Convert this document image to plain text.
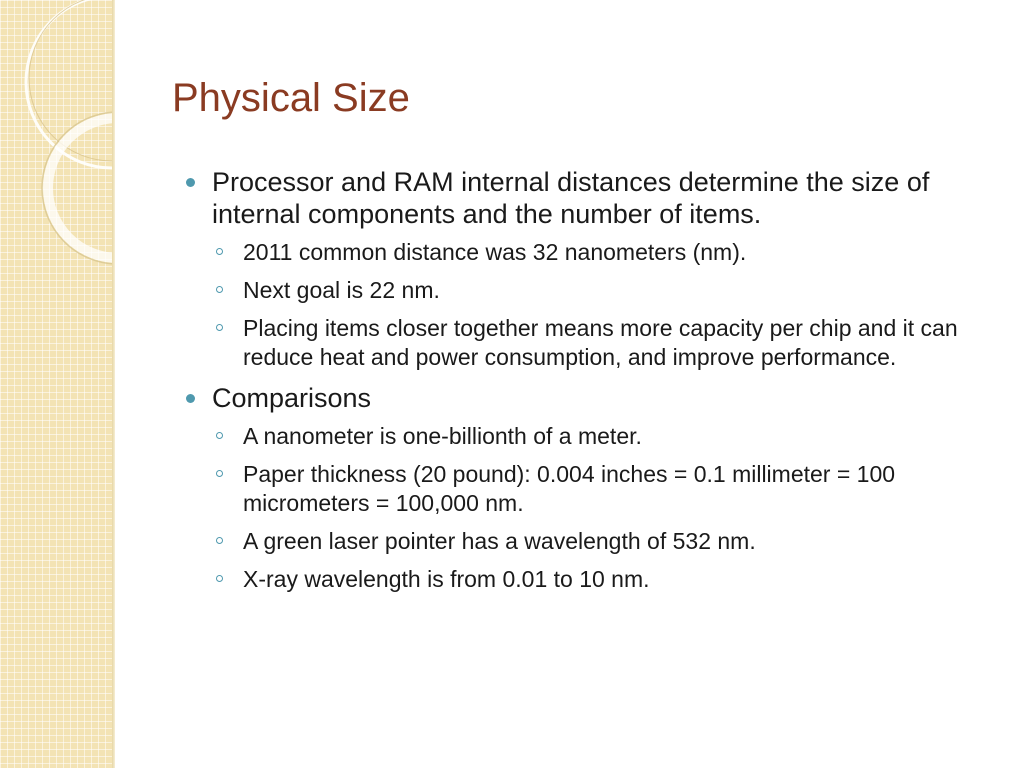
Physical Size
Processor and RAM internal distances determine the size of internal components and the number of items.
2011 common distance was 32 nanometers (nm).
Next goal is 22 nm.
Placing items closer together means more capacity per chip and it can reduce heat and power consumption, and improve performance.
Comparisons
A nanometer is one-billionth of a meter.
Paper thickness (20 pound): 0.004 inches = 0.1 millimeter = 100 micrometers = 100,000 nm.
A green laser pointer has a wavelength of 532 nm.
X-ray wavelength is from 0.01 to 10 nm.
